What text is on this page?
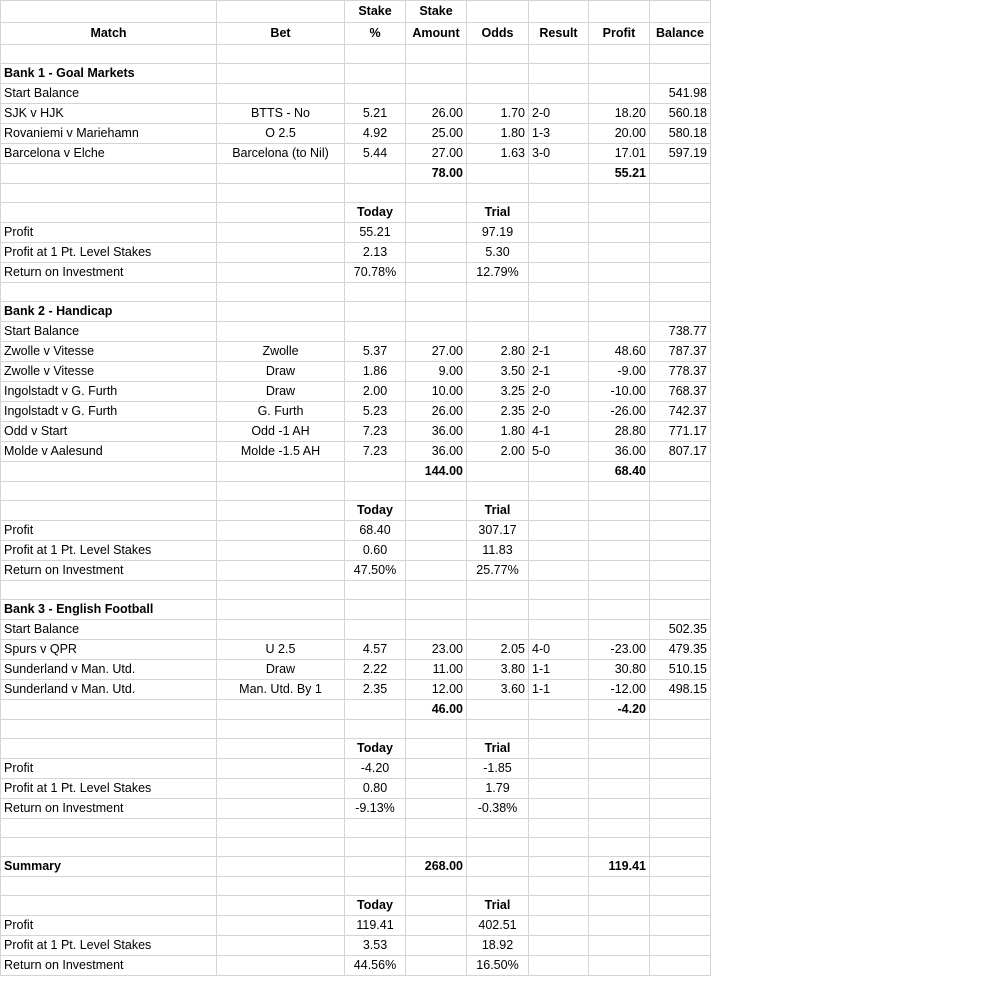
		Stake	Stake				
Match	Bet	%	Amount	Odds	Result	Profit	Balance

Bank 1 - Goal Markets							
Start Balance							541.98
SJK v HJK	BTTS - No	5.21	26.00	1.70	2-0	18.20	560.18
Rovaniemi v Mariehamn	O 2.5	4.92	25.00	1.80	1-3	20.00	580.18
Barcelona v Elche	Barcelona (to Nil)	5.44	27.00	1.63	3-0	17.01	597.19
			78.00			55.21	

		Today		Trial			
Profit		55.21		97.19			
Profit at 1 Pt. Level Stakes		2.13		5.30			
Return on Investment		70.78%		12.79%			

Bank 2 - Handicap							
Start Balance							738.77
Zwolle v Vitesse	Zwolle	5.37	27.00	2.80	2-1	48.60	787.37
Zwolle v Vitesse	Draw	1.86	9.00	3.50	2-1	-9.00	778.37
Ingolstadt v G. Furth	Draw	2.00	10.00	3.25	2-0	-10.00	768.37
Ingolstadt v G. Furth	G. Furth	5.23	26.00	2.35	2-0	-26.00	742.37
Odd v Start	Odd -1 AH	7.23	36.00	1.80	4-1	28.80	771.17
Molde v Aalesund	Molde -1.5 AH	7.23	36.00	2.00	5-0	36.00	807.17
			144.00			68.40	

		Today		Trial			
Profit		68.40		307.17			
Profit at 1 Pt. Level Stakes		0.60		11.83			
Return on Investment		47.50%		25.77%			

Bank 3 - English Football							
Start Balance							502.35
Spurs v QPR	U 2.5	4.57	23.00	2.05	4-0	-23.00	479.35
Sunderland v Man. Utd.	Draw	2.22	11.00	3.80	1-1	30.80	510.15
Sunderland v Man. Utd.	Man. Utd. By 1	2.35	12.00	3.60	1-1	-12.00	498.15
			46.00			-4.20	

		Today		Trial			
Profit		-4.20		-1.85			
Profit at 1 Pt. Level Stakes		0.80		1.79			
Return on Investment		-9.13%		-0.38%			

Summary			268.00			119.41	

		Today		Trial			
Profit		119.41		402.51			
Profit at 1 Pt. Level Stakes		3.53		18.92			
Return on Investment		44.56%		16.50%			
